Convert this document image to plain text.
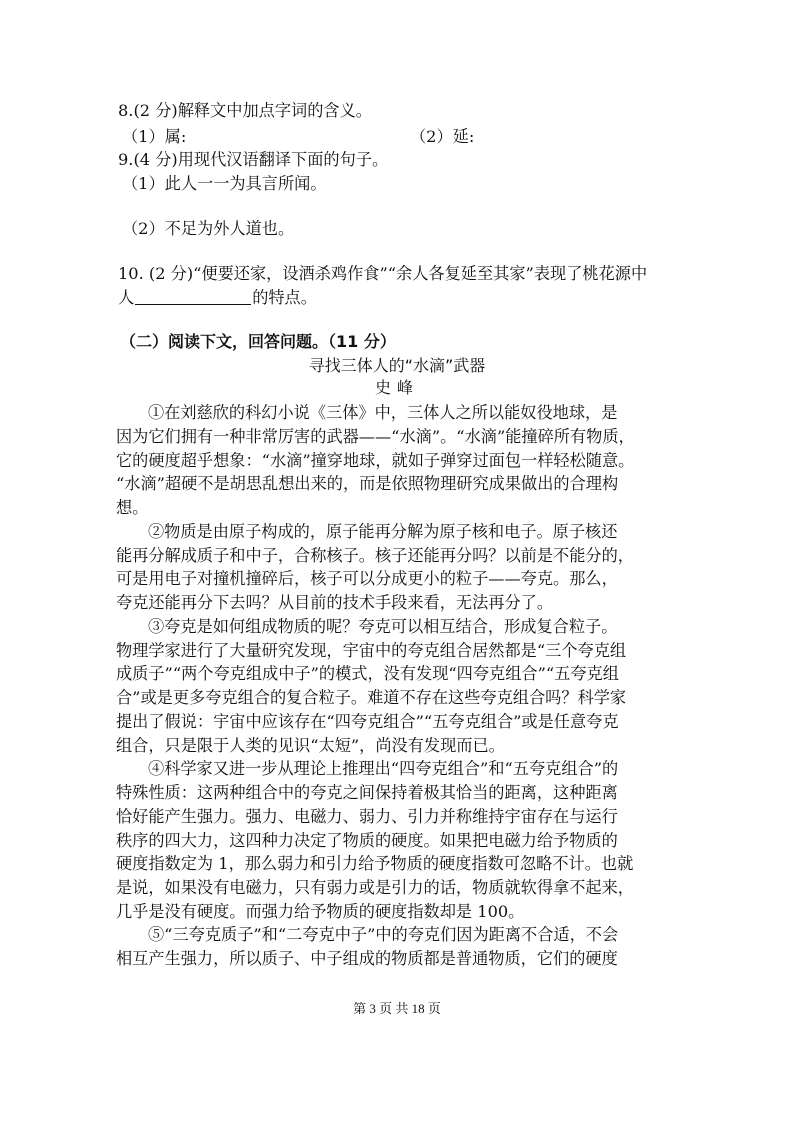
8.(2 分)解释文中加点字词的含义。
（1）属:	（2）延:
9.(4 分)用现代汉语翻译下面的句子。
（1）此人一一为具言所闻。
（2）不足为外人道也。
10. (2 分)“便要还家，设酒杀鸡作食”“余人各复延至其家”表现了桃花源中
人	的特点。
（二）阅读下文，回答问题。（11 分）
寻找三体人的“水滴”武器
史峰
①在刘慈欣的科幻小说《三体》中，三体人之所以能奴役地球，是
因为它们拥有一种非常厉害的武器——“水滴”。“水滴”能撞碎所有物质，
它的硬度超乎想象：“水滴”撞穿地球，就如子弹穿过面包一样轻松随意。
“水滴”超硬不是胡思乱想出来的，而是依照物理研究成果做出的合理构
想。
②物质是由原子构成的，原子能再分解为原子核和电子。原子核还
能再分解成质子和中子，合称核子。核子还能再分吗？以前是不能分的，
可是用电子对撞机撞碎后，核子可以分成更小的粒子——夸克。那么，
夸克还能再分下去吗？从目前的技术手段来看，无法再分了。
③夸克是如何组成物质的呢？夸克可以相互结合，形成复合粒子。
物理学家进行了大量研究发现，宇宙中的夸克组合居然都是“三个夸克组
成质子”“两个夸克组成中子”的模式，没有发现“四夸克组合”“五夸克组
合”或是更多夸克组合的复合粒子。难道不存在这些夸克组合吗？科学家
提出了假说：宇宙中应该存在“四夸克组合”“五夸克组合”或是任意夸克
组合，只是限于人类的见识“太短”，尚没有发现而已。
④科学家又进一步从理论上推理出“四夸克组合”和“五夸克组合”的
特殊性质：这两种组合中的夸克之间保持着极其恰当的距离，这种距离
恰好能产生强力。强力、电磁力、弱力、引力并称维持宇宙存在与运行
秩序的四大力，这四种力决定了物质的硬度。如果把电磁力给予物质的
硬度指数定为 1，那么弱力和引力给予物质的硬度指数可忽略不计。也就
是说，如果没有电磁力，只有弱力或是引力的话，物质就软得拿不起来，
几乎是没有硬度。而强力给予物质的硬度指数却是 100。
⑤“三夸克质子”和“二夸克中子”中的夸克们因为距离不合适，不会
相互产生强力，所以质子、中子组成的物质都是普通物质，它们的硬度
第 3 页 共 18 页
